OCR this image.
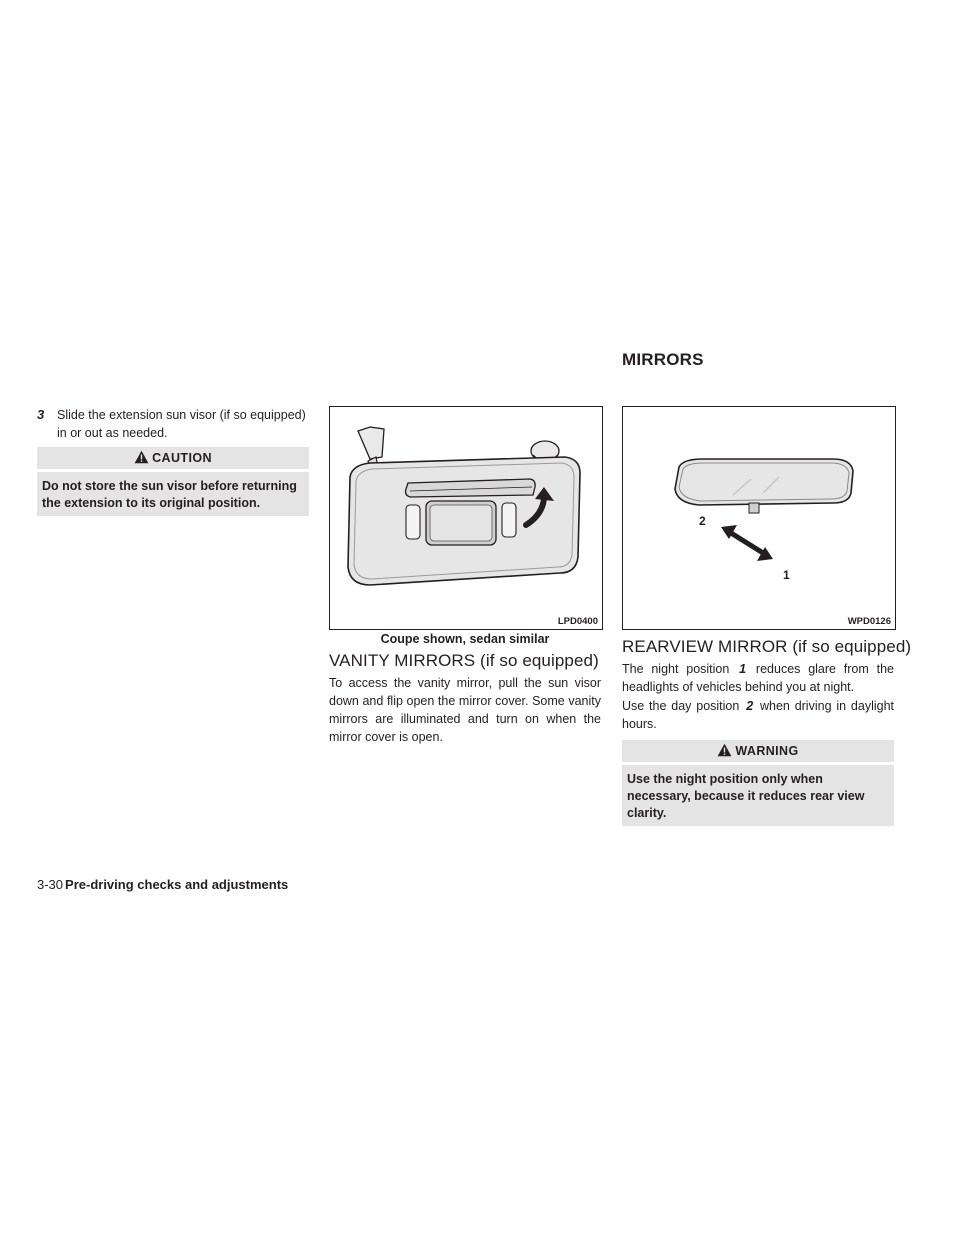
MIRRORS
3	Slide the extension sun visor (if so equipped) in or out as needed.
CAUTION
Do not store the sun visor before returning the extension to its original position.
LPD0400
Coupe shown, sedan similar
2
1
WPD0126
VANITY MIRRORS (if so equipped)
To access the vanity mirror, pull the sun visor down and flip open the mirror cover. Some vanity mirrors are illuminated and turn on when the mirror cover is open.
REARVIEW MIRROR (if so equipped)
The night position 1 reduces glare from the headlights of vehicles behind you at night.
Use the day position 2 when driving in daylight hours.
WARNING
Use the night position only when necessary, because it reduces rear view clarity.
3-30 Pre-driving checks and adjustments
